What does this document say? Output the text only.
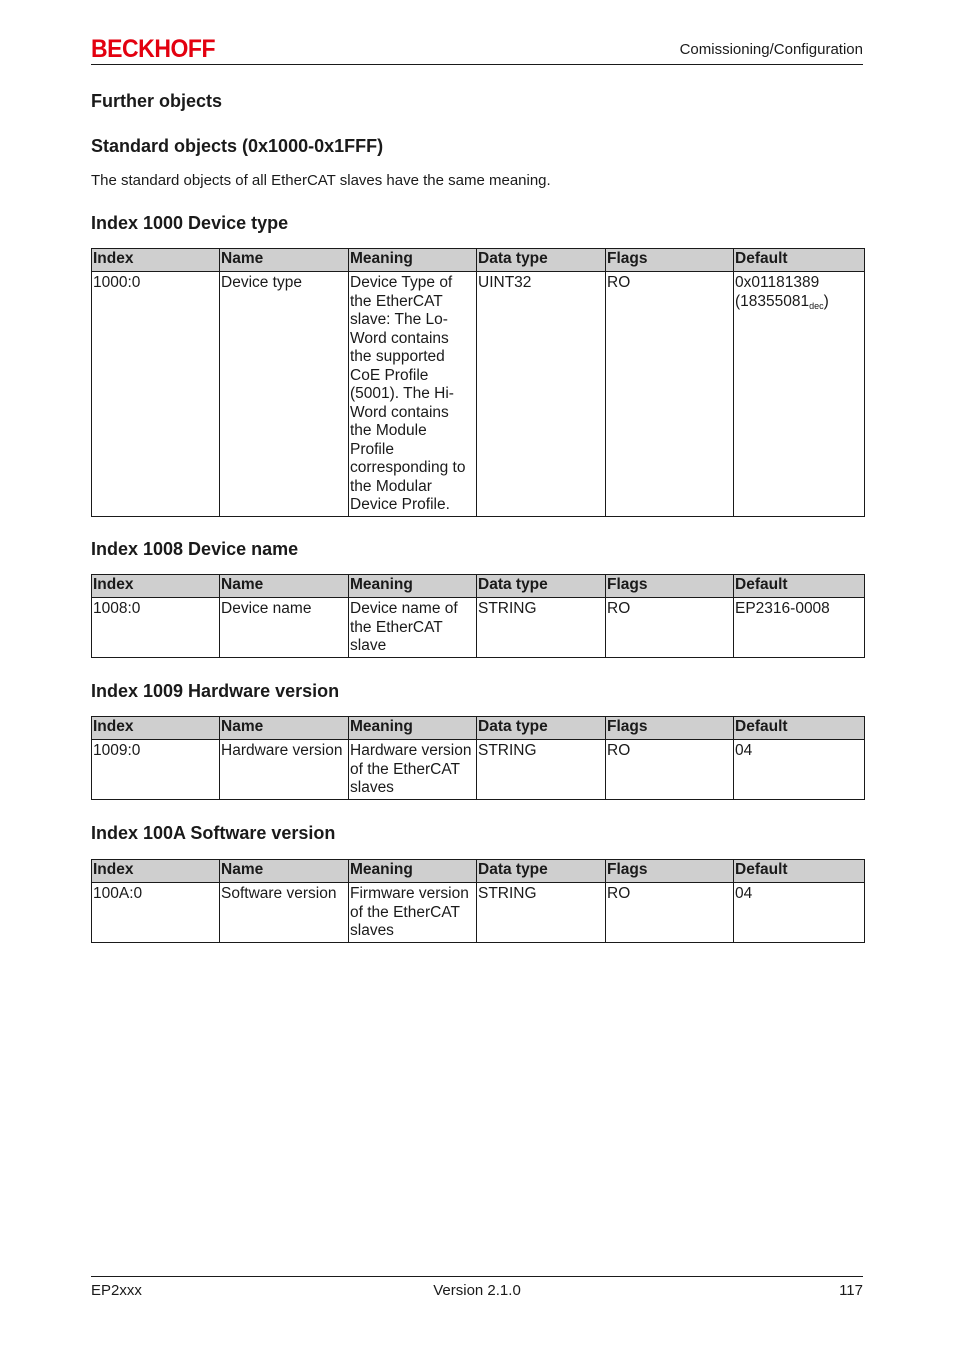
BECKHOFF	Comissioning/Configuration
Further objects
Standard objects (0x1000-0x1FFF)

The standard objects of all EtherCAT slaves have the same meaning.

Index 1000 Device type
Index	Name	Meaning	Data type	Flags	Default
1000:0	Device type	Device Type of the EtherCAT slave: The Lo-Word contains the supported CoE Profile (5001). The Hi-Word contains the Module Profile corresponding to the Modular Device Profile.	UINT32	RO	0x01181389
$(18355081_{dec})$
Index 1008 Device name
Index	Name	Meaning	Data type	Flags	Default
1008:0	Device name	Device name of the EtherCAT slave	STRING	RO	EP2316-0008
Index 1009 Hardware version
Index	Name	Meaning	Data type	Flags	Default
1009:0	Hardware version	Hardware version of the EtherCAT slaves	STRING	RO	04
Index 100A Software version
Index	Name	Meaning	Data type	Flags	Default
100A:0	Software version	Firmware version of the EtherCAT slaves	STRING	RO	04
EP2xxx	Version 2.1.0	117
